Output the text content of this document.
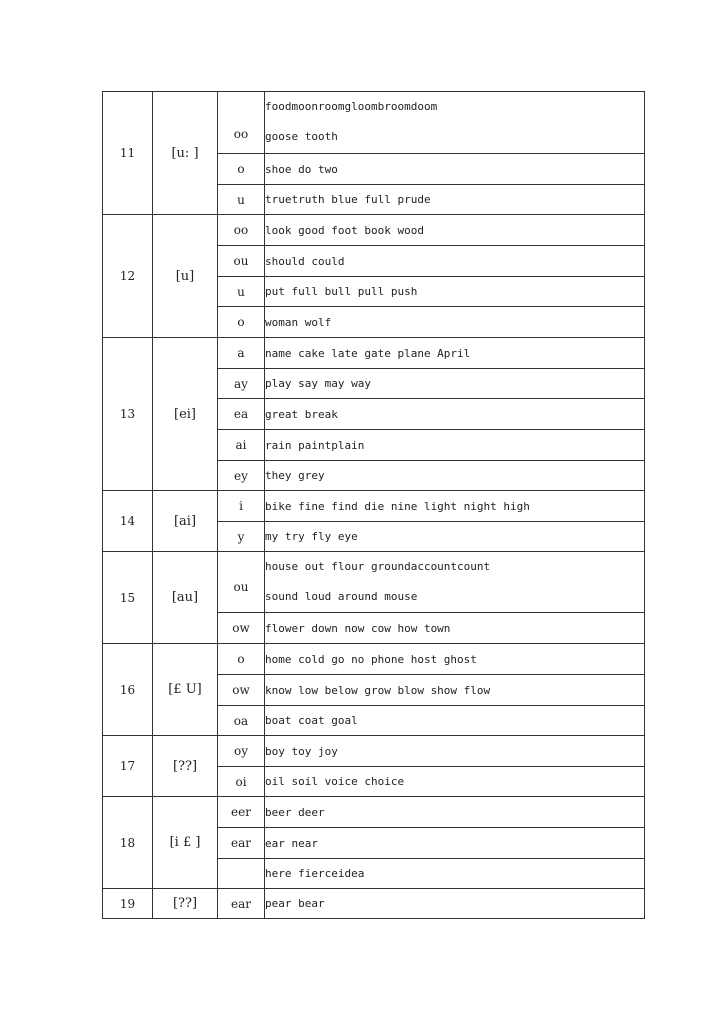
11	[u: ]	oo	foodmoonroomgloombroomdoom
goose tooth

		o	shoe do two
		u	truetruth blue full prude
12	[u]	oo	look good foot book wood
		ou	should could
		u	put full bull pull push
		o	woman wolf
13	[ei]	a	name cake late gate plane April
		ay	play say may way
		ea	great break
		ai	rain paintplain
		ey	they grey
14	[ai]	i	bike fine find die nine light night high
		y	my try fly eye
15	[au]	ou	house out flour groundaccountcount
sound loud around mouse

		ow	flower down now cow how town
16	[£ U]	o	home cold go no phone host ghost
		ow	know low below grow blow show flow
		oa	boat coat goal
17	[??]	oy	boy toy joy
		oi	oil soil voice choice
18	[i £ ]	eer	beer deer
		ear	ear near
			here fierceidea
19	[??]	ear	pear bear
